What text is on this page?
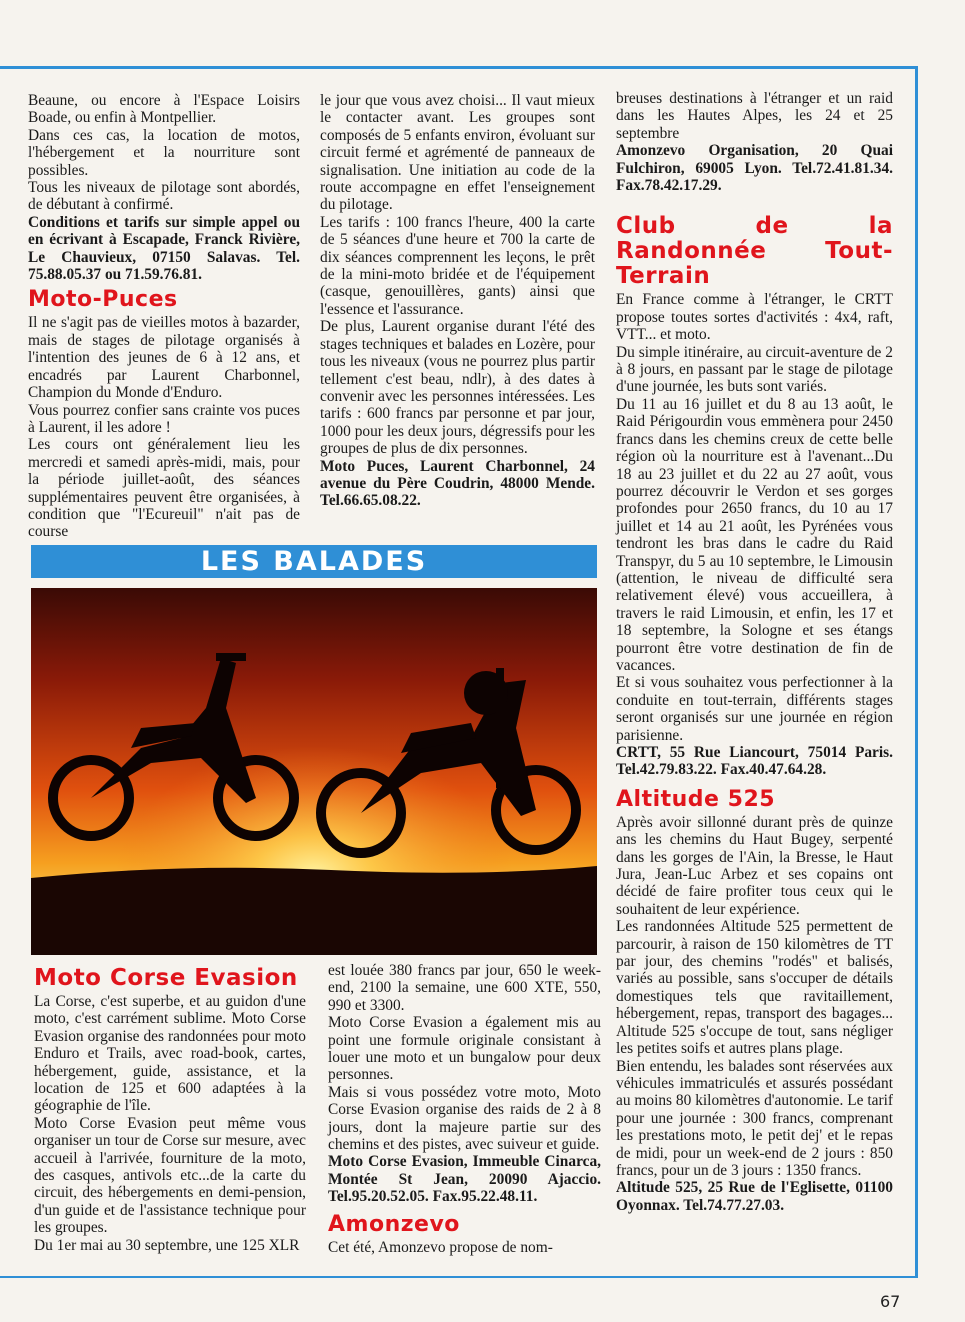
Beaune, ou encore à l'Espace Loisirs Boade, ou enfin à Montpellier.

Dans ces cas, la location de motos, l'hébergement et la nourriture sont possibles.

Tous les niveaux de pilotage sont abordés, de débutant à confirmé.

Conditions et tarifs sur simple appel ou en écrivant à Escapade, Franck Rivière, Le Chauvieux, 07150 Salavas. Tel. 75.88.05.37 ou 71.59.76.81.

Moto-Puces

Il ne s'agit pas de vieilles motos à bazarder, mais de stages de pilotage organisés à l'intention des jeunes de 6 à 12 ans, et encadrés par Laurent Charbonnel, Champion du Monde d'Enduro.

Vous pourrez confier sans crainte vos puces à Laurent, il les adore !

Les cours ont généralement lieu les mercredi et samedi après-midi, mais, pour la période juillet-août, des séances supplémentaires peuvent être organisées, à condition que "l'Ecureuil" n'ait pas de course

le jour que vous avez choisi... Il vaut mieux le contacter avant. Les groupes sont composés de 5 enfants environ, évoluant sur circuit fermé et agrémenté de panneaux de signalisation. Une initiation au code de la route accompagne en effet l'enseignement du pilotage.

Les tarifs : 100 francs l'heure, 400 la carte de 5 séances d'une heure et 700 la carte de dix séances comprennent les leçons, le prêt de la mini-moto bridée et de l'équipement (casque, genouillères, gants) ainsi que l'essence et l'assurance.

De plus, Laurent organise durant l'été des stages techniques et balades en Lozère, pour tous les niveaux (vous ne pourrez plus partir tellement c'est beau, ndlr), à des dates à convenir avec les personnes intéressées. Les tarifs : 600 francs par personne et par jour, 1000 pour les deux jours, dégressifs pour les groupes de plus de dix personnes.

Moto Puces, Laurent Charbonnel, 24 avenue du Père Coudrin, 48000 Mende. Tel.66.65.08.22.

LES BALADES

breuses destinations à l'étranger et un raid dans les Hautes Alpes, les 24 et 25 septembre

Amonzevo Organisation, 20 Quai Fulchiron, 69005 Lyon. Tel.72.41.81.34. Fax.78.42.17.29.

Club de la Randonnée Tout-Terrain

En France comme à l'étranger, le CRTT propose toutes sortes d'activités : 4x4, raft, VTT... et moto.

Du simple itinéraire, au circuit-aventure de 2 à 8 jours, en passant par le stage de pilotage d'une journée, les buts sont variés.

Du 11 au 16 juillet et du 8 au 13 août, le Raid Périgourdin vous emmènera pour 2450 francs dans les chemins creux de cette belle région où la nourriture est à l'avenant...Du 18 au 23 juillet et du 22 au 27 août, vous pourrez découvrir le Verdon et ses gorges profondes pour 2650 francs, du 10 au 17 juillet et 14 au 21 août, les Pyrénées vous tendront les bras dans le cadre du Raid Transpyr, du 5 au 10 septembre, le Limousin (attention, le niveau de difficulté sera relativement élevé) vous accueillera, à travers le raid Limousin, et enfin, les 17 et 18 septembre, la Sologne et ses étangs pourront être votre destination de fin de vacances.

Et si vous souhaitez vous perfectionner à la conduite en tout-terrain, différents stages seront organisés sur une journée en région parisienne.

CRTT, 55 Rue Liancourt, 75014 Paris. Tel.42.79.83.22. Fax.40.47.64.28.

Altitude 525

Après avoir sillonné durant près de quinze ans les chemins du Haut Bugey, serpenté dans les gorges de l'Ain, la Bresse, le Haut Jura, Jean-Luc Arbez et ses copains ont décidé de faire profiter tous ceux qui le souhaitent de leur expérience.

Les randonnées Altitude 525 permettent de parcourir, à raison de 150 kilomètres de TT par jour, des chemins "rodés" et balisés, variés au possible, sans s'occuper de détails domestiques tels que ravitaillement, hébergement, repas, transport des bagages... Altitude 525 s'occupe de tout, sans négliger les petites soifs et autres plans plage.

Bien entendu, les balades sont réservées aux véhicules immatriculés et assurés possédant au moins 80 kilomètres d'autonomie. Le tarif pour une journée : 300 francs, comprenant les prestations moto, le petit dej' et le repas de midi, pour un week-end de 2 jours : 850 francs, pour un de 3 jours : 1350 francs.

Altitude 525, 25 Rue de l'Eglisette, 01100 Oyonnax. Tel.74.77.27.03.

Moto Corse Evasion

La Corse, c'est superbe, et au guidon d'une moto, c'est carrément sublime. Moto Corse Evasion organise des randonnées pour moto Enduro et Trails, avec road-book, cartes, hébergement, guide, assistance, et la location de 125 et 600 adaptées à la géographie de l'île.

Moto Corse Evasion peut même vous organiser un tour de Corse sur mesure, avec accueil à l'arrivée, fourniture de la moto, des casques, antivols etc...de la carte du circuit, des hébergements en demi-pension, d'un guide et de l'assistance technique pour les groupes.

Du 1er mai au 30 septembre, une 125 XLR

est louée 380 francs par jour, 650 le week-end, 2100 la semaine, une 600 XTE, 550, 990 et 3300.

Moto Corse Evasion a également mis au point une formule originale consistant à louer une moto et un bungalow pour deux personnes.

Mais si vous possédez votre moto, Moto Corse Evasion organise des raids de 2 à 8 jours, dont la majeure partie sur des chemins et des pistes, avec suiveur et guide.

Moto Corse Evasion, Immeuble Cinarca, Montée St Jean, 20090 Ajaccio. Tel.95.20.52.05. Fax.95.22.48.11.

Amonzevo

Cet été, Amonzevo propose de nom-

67
